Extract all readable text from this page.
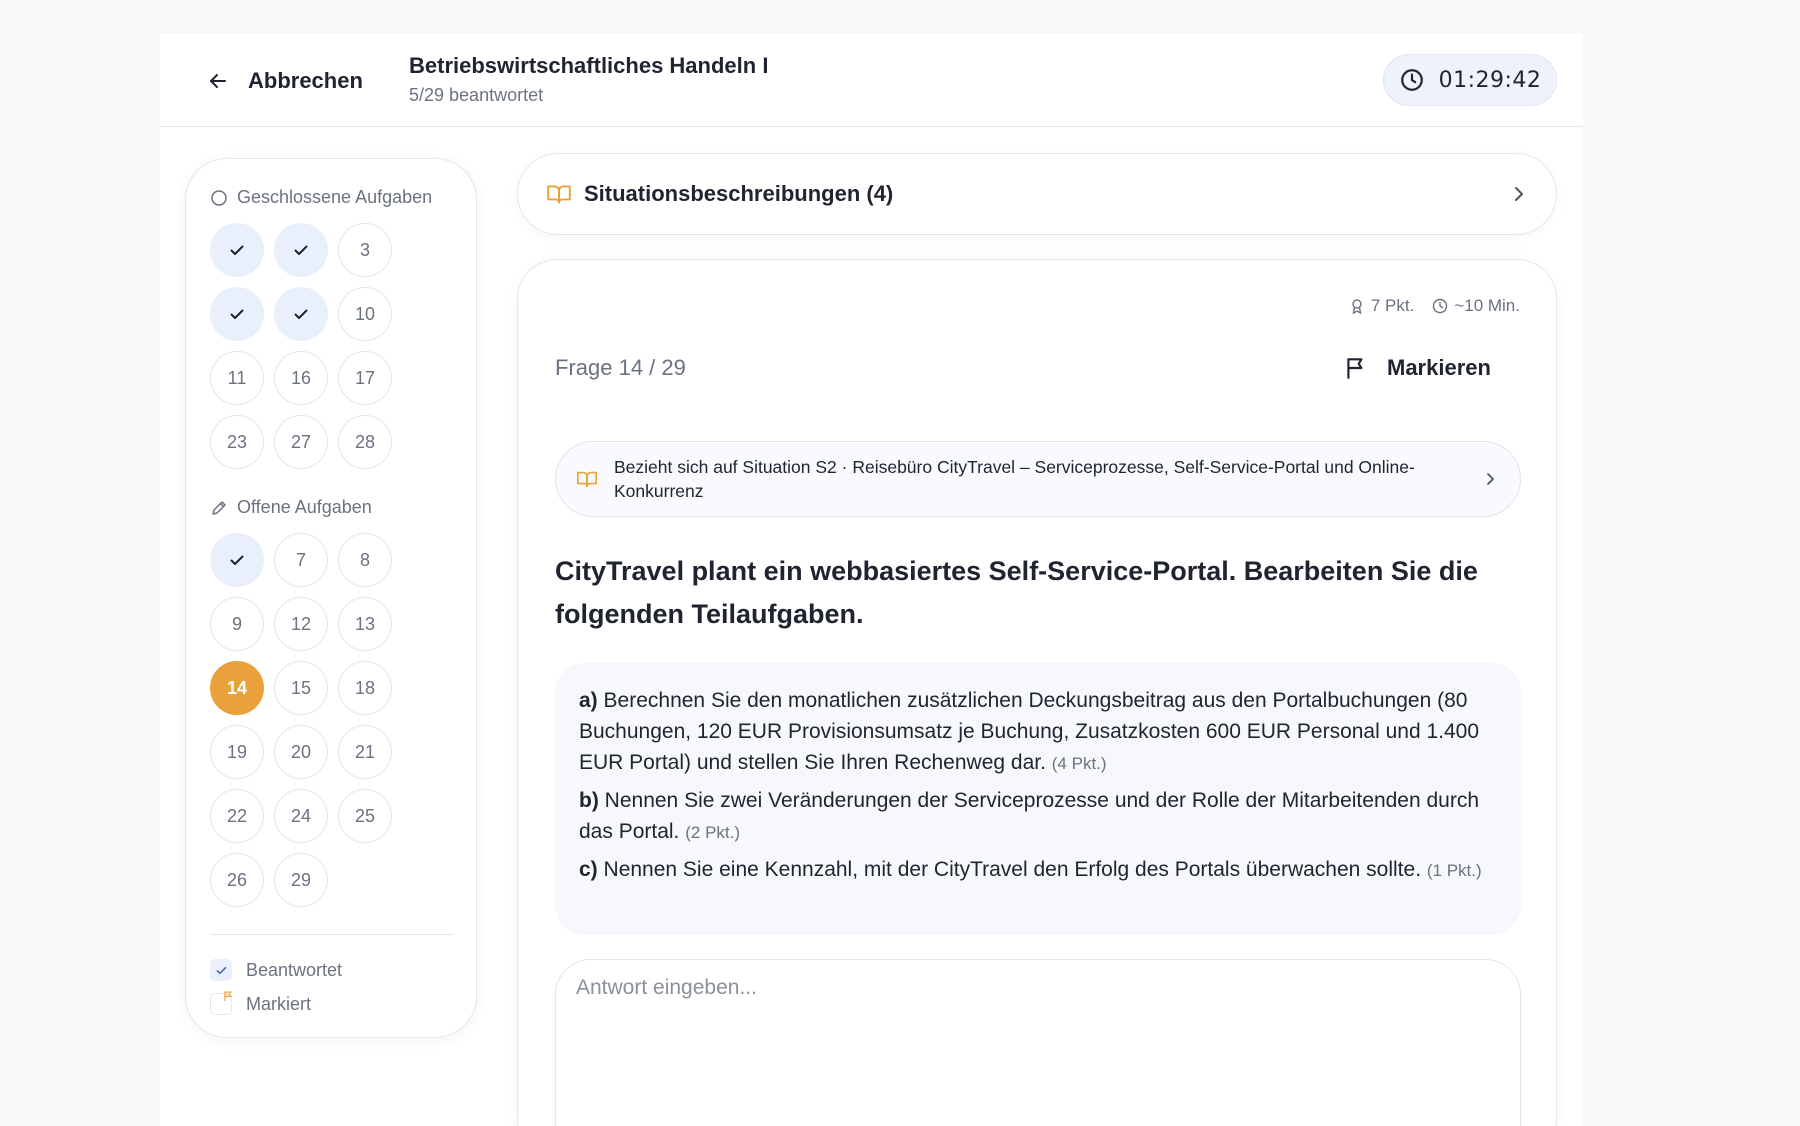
Abbrechen
Betriebswirtschaftliches Handeln I
5/29 beantwortet
01:29:42
Geschlossene Aufgaben
3
10
11	16	17
23	27	28
Offene Aufgaben
7	8
9	12	13
14	15	18
19	20	21
22	24	25
26	29
Beantwortet
Markiert
Situationsbeschreibungen (4)
7 Pkt. ~10 Min.
Frage 14 / 29	Markieren
Bezieht sich auf Situation S2 · Reisebüro CityTravel – Serviceprozesse, Self-Service-Portal und Online-Konkurrenz
CityTravel plant ein webbasiertes Self-Service-Portal. Bearbeiten Sie die folgenden Teilaufgaben.
a) Berechnen Sie den monatlichen zusätzlichen Deckungsbeitrag aus den Portalbuchungen (80 Buchungen, 120 EUR Provisionsumsatz je Buchung, Zusatzkosten 600 EUR Personal und 1.400 EUR Portal) und stellen Sie Ihren Rechenweg dar. (4 Pkt.)
b) Nennen Sie zwei Veränderungen der Serviceprozesse und der Rolle der Mitarbeitenden durch das Portal. (2 Pkt.)
c) Nennen Sie eine Kennzahl, mit der CityTravel den Erfolg des Portals überwachen sollte. (1 Pkt.)
Antwort eingeben...
